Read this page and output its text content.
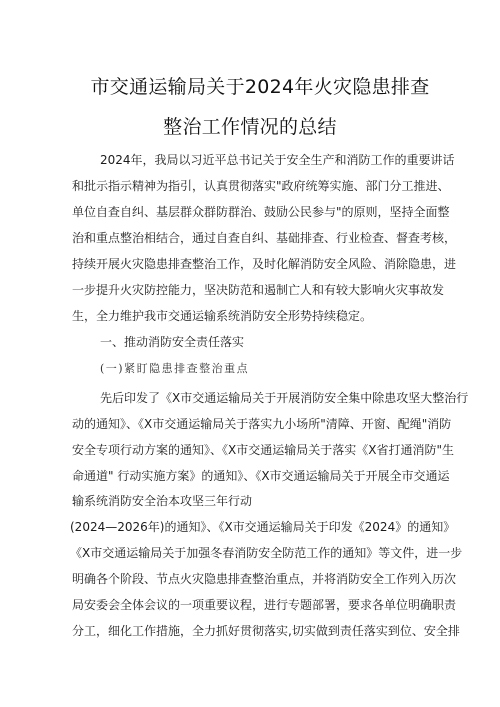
市交通运输局关于2024年火灾隐患排查
整治工作情况的总结
2024年，我局以习近平总书记关于安全生产和消防工作的重要讲话
和批示指示精神为指引，认真贯彻落实"政府统筹实施、部门分工推进、
单位自查自纠、基层群众群防群治、鼓励公民参与"的原则，坚持全面整
治和重点整治相结合，通过自查自纠、基础排查、行业检查、督查考核，
持续开展火灾隐患排查整治工作，及时化解消防安全风险、消除隐患，进
一步提升火灾防控能力，坚决防范和遏制亡人和有较大影响火灾事故发
生，全力维护我市交通运输系统消防安全形势持续稳定。
一、推动消防安全责任落实
(一)紧盯隐患排查整治重点
先后印发了《X市交通运输局关于开展消防安全集中除患攻坚大整治行
动的通知》、《X市交通运输局关于落实九小场所"清障、开窗、配绳"消防
安全专项行动方案的通知》、《X市交通运输局关于落实《X省打通消防"生
命通道" 行动实施方案》的通知》、《X市交通运输局关于开展全市交通运
输系统消防安全治本攻坚三年行动
(2024—2026年)的通知》、《X市交通运输局关于印发《2024》的通知》
《X市交通运输局关于加强冬春消防安全防范工作的通知》等文件，进一步
明确各个阶段、节点火灾隐患排查整治重点，并将消防安全工作列入历次
局安委会全体会议的一项重要议程，进行专题部署，要求各单位明确职责
分工，细化工作措施，全力抓好贯彻落实,切实做到责任落实到位、安全排
